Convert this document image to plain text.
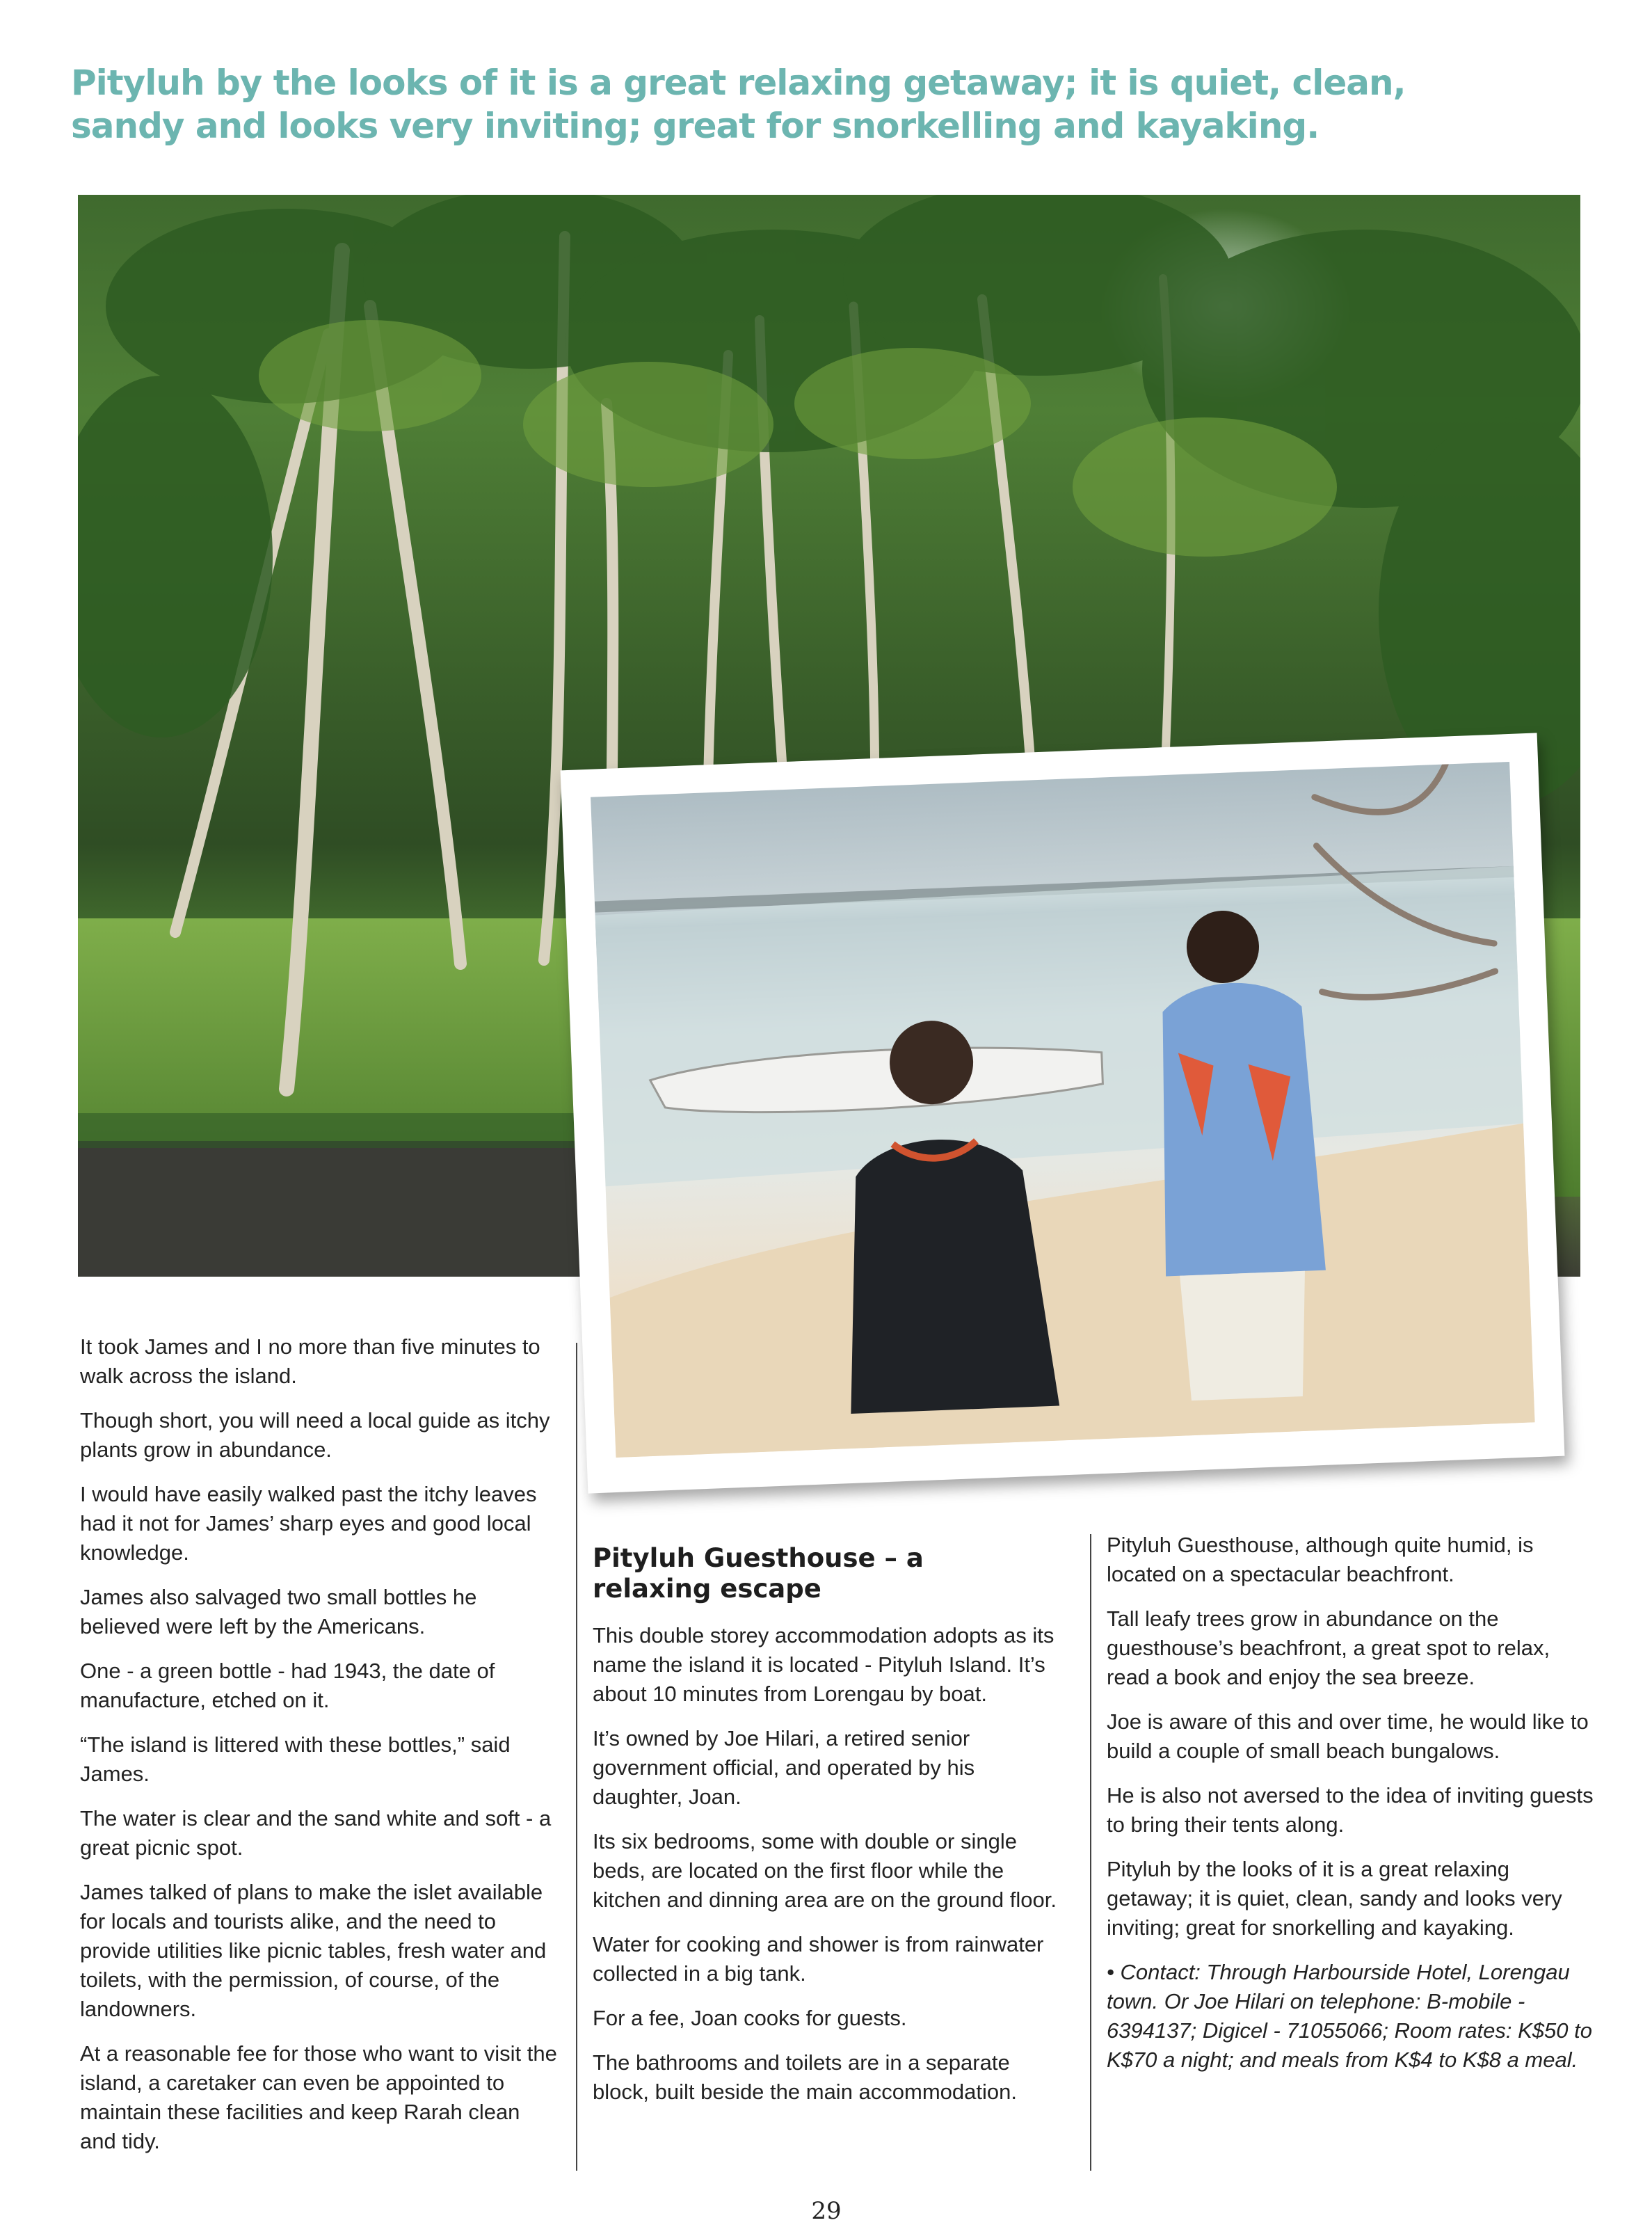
Pityluh by the looks of it is a great relaxing getaway; it is quiet, clean, sandy and looks very inviting; great for snorkelling and kayaking.

It took James and I no more than five minutes to walk across the island.

Though short, you will need a local guide as itchy plants grow in abundance.

I would have easily walked past the itchy leaves had it not for James’ sharp eyes and good local knowledge.

James also salvaged two small bottles he believed were left by the Americans.

One - a green bottle - had 1943, the date of manufacture, etched on it.

“The island is littered with these bottles,” said James.

The water is clear and the sand white and soft - a great picnic spot.

James talked of plans to make the islet available for locals and tourists alike, and the need to provide utilities like picnic tables, fresh water and toilets, with the permission, of course, of the landowners.

At a reasonable fee for those who want to visit the island, a caretaker can even be appointed to maintain these facilities and keep Rarah clean and tidy.

Pityluh Guesthouse – a relaxing escape

This double storey accommodation adopts as its name the island it is located - Pityluh Island. It’s about 10 minutes from Lorengau by boat.

It’s owned by Joe Hilari, a retired senior government official, and operated by his daughter, Joan.

Its six bedrooms, some with double or single beds, are located on the first floor while the kitchen and dinning area are on the ground floor.

Water for cooking and shower is from rainwater collected in a big tank.

For a fee, Joan cooks for guests.

The bathrooms and toilets are in a separate block, built beside the main accommodation.

Pityluh Guesthouse, although quite humid, is located on a spectacular beachfront.

Tall leafy trees grow in abundance on the guesthouse’s beachfront, a great spot to relax, read a book and enjoy the sea breeze.

Joe is aware of this and over time, he would like to build a couple of small beach bungalows.

He is also not aversed to the idea of inviting guests to bring their tents along.

Pityluh by the looks of it is a great relaxing getaway; it is quiet, clean, sandy and looks very inviting; great for snorkelling and kayaking.

• Contact: Through Harbourside Hotel, Lorengau town. Or Joe Hilari on telephone: B-mobile - 6394137; Digicel - 71055066; Room rates: K$50 to K$70 a night; and meals from K$4 to K$8 a meal.

29
